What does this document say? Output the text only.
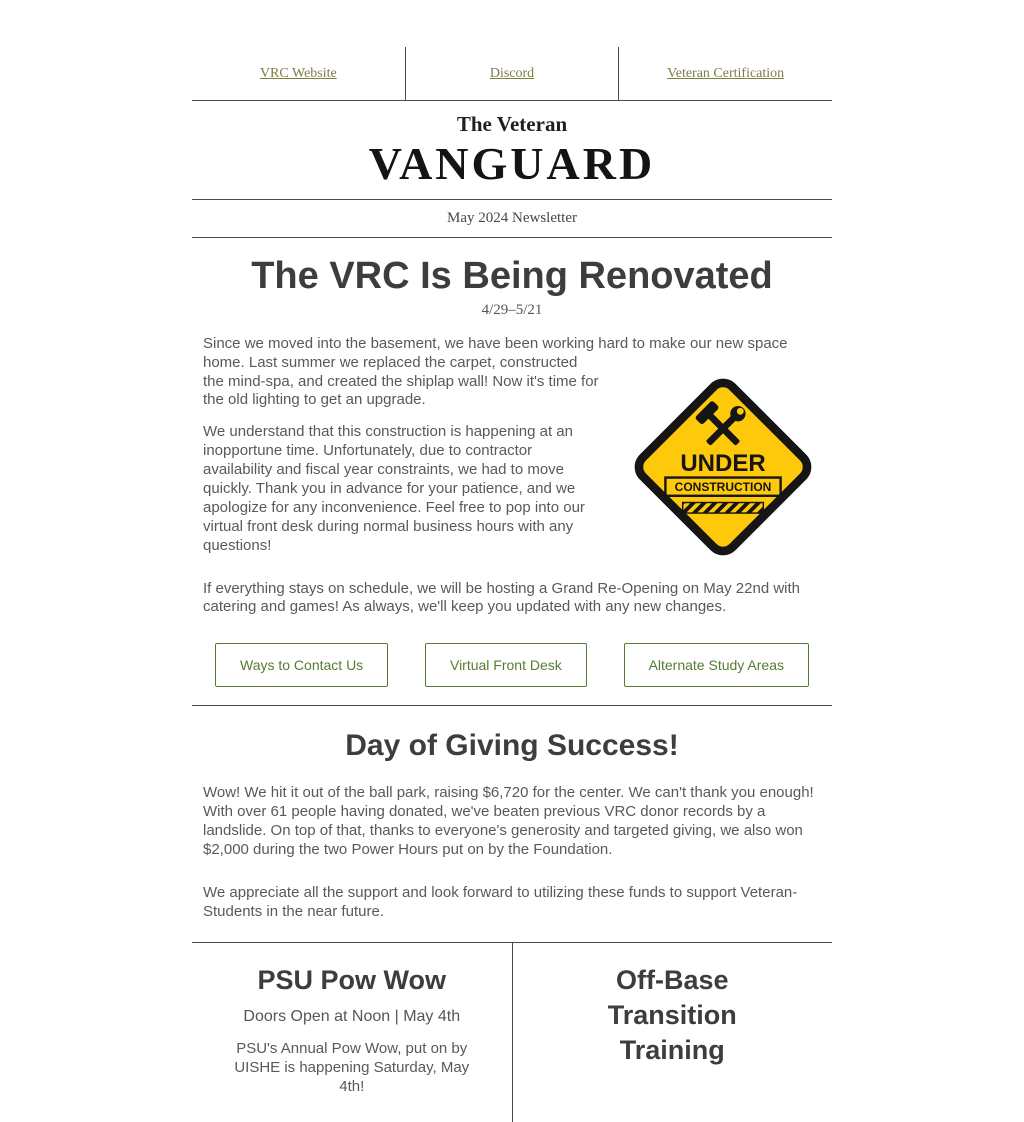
VRC Website	Discord	Veteran Certification
The Veteran
VANGUARD
May 2024 Newsletter
The VRC Is Being Renovated
4/29–5/21
UNDER
CONSTRUCTION

Since we moved into the basement, we have been working hard to make our new space home. Last summer we replaced the carpet, constructed the mind-spa, and created the shiplap wall! Now it's time for the old lighting to get an upgrade.

We understand that this construction is happening at an inopportune time. Unfortunately, due to contractor availability and fiscal year constraints, we had to move quickly. Thank you in advance for your patience, and we apologize for any inconvenience. Feel free to pop into our virtual front desk during normal business hours with any questions!

If everything stays on schedule, we will be hosting a Grand Re-Opening on May 22nd with catering and games! As always, we'll keep you updated with any new changes.

Ways to Contact Us	Virtual Front Desk	Alternate Study Areas
Day of Giving Success!

Wow! We hit it out of the ball park, raising $6,720 for the center. We can't thank you enough! With over 61 people having donated, we've beaten previous VRC donor records by a landslide. On top of that, thanks to everyone's generosity and targeted giving, we also won $2,000 during the two Power Hours put on by the Foundation.

We appreciate all the support and look forward to utilizing these funds to support Veteran-Students in the near future.

PSU Pow Wow
Doors Open at Noon | May 4th

PSU's Annual Pow Wow, put on by UISHE is happening Saturday, May 4th!

Off-Base Transition Training
